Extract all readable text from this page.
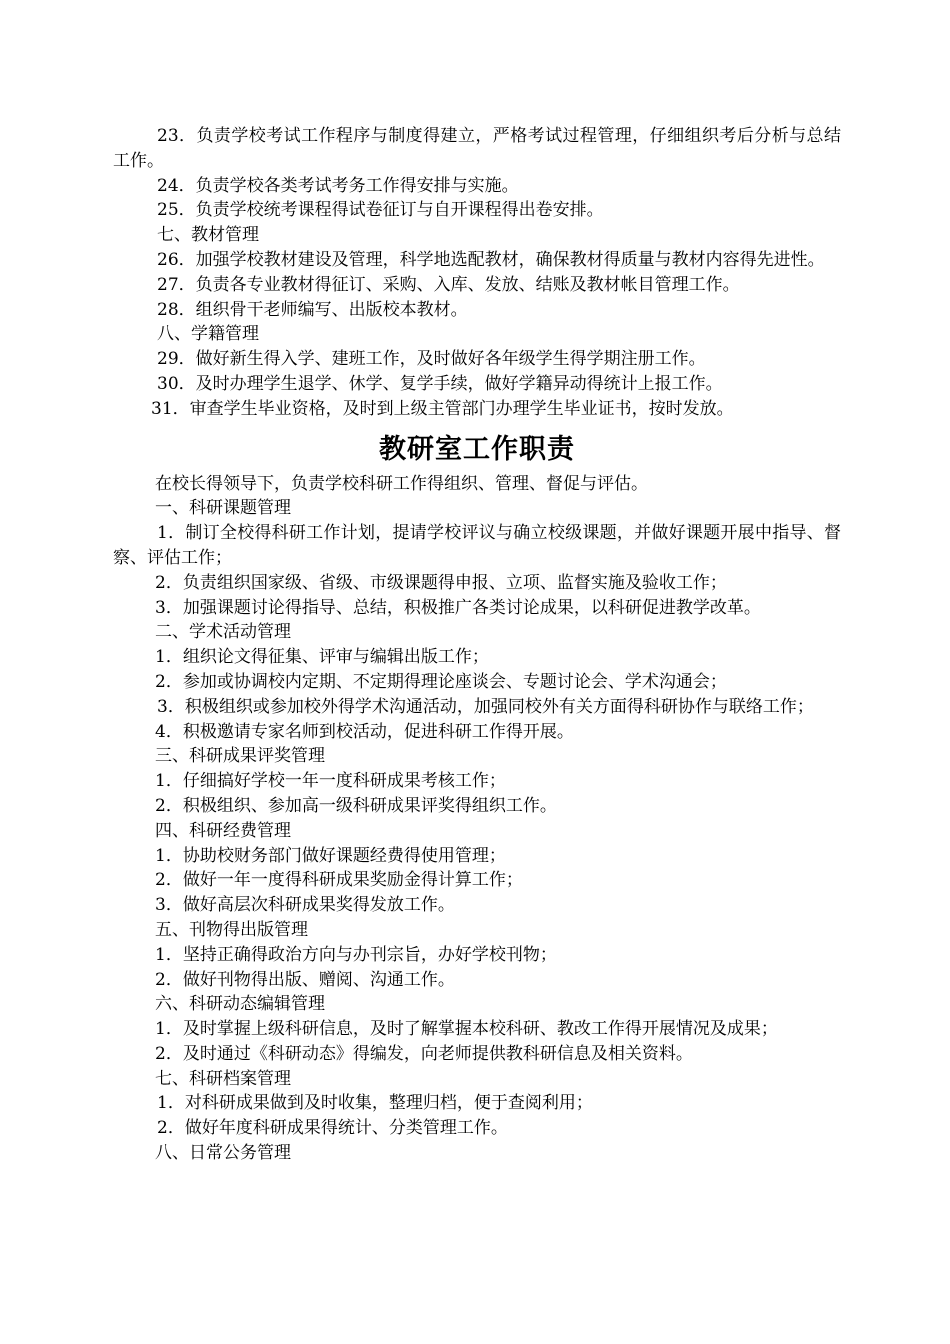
23．负责学校考试工作程序与制度得建立，严格考试过程管理，仔细组织考后分析与总结工作。

24．负责学校各类考试考务工作得安排与实施。

25．负责学校统考课程得试卷征订与自开课程得出卷安排。

七、教材管理

26．加强学校教材建设及管理，科学地选配教材，确保教材得质量与教材内容得先进性。

27．负责各专业教材得征订、采购、入库、发放、结账及教材帐目管理工作。

28．组织骨干老师编写、出版校本教材。

八、学籍管理

29．做好新生得入学、建班工作，及时做好各年级学生得学期注册工作。

30．及时办理学生退学、休学、复学手续，做好学籍异动得统计上报工作。

31．审查学生毕业资格，及时到上级主管部门办理学生毕业证书，按时发放。

教研室工作职责

在校长得领导下，负责学校科研工作得组织、管理、督促与评估。

一、科研课题管理

1．制订全校得科研工作计划，提请学校评议与确立校级课题，并做好课题开展中指导、督察、评估工作；

2．负责组织国家级、省级、市级课题得申报、立项、监督实施及验收工作；

3．加强课题讨论得指导、总结，积极推广各类讨论成果，以科研促进教学改革。

二、学术活动管理

1．组织论文得征集、评审与编辑出版工作；

2．参加或协调校内定期、不定期得理论座谈会、专题讨论会、学术沟通会；

3．积极组织或参加校外得学术沟通活动，加强同校外有关方面得科研协作与联络工作；

4．积极邀请专家名师到校活动，促进科研工作得开展。

三、科研成果评奖管理

1．仔细搞好学校一年一度科研成果考核工作；

2．积极组织、参加高一级科研成果评奖得组织工作。

四、科研经费管理

1．协助校财务部门做好课题经费得使用管理；

2．做好一年一度得科研成果奖励金得计算工作；

3．做好高层次科研成果奖得发放工作。

五、刊物得出版管理

1．坚持正确得政治方向与办刊宗旨，办好学校刊物；

2．做好刊物得出版、赠阅、沟通工作。

六、科研动态编辑管理

1．及时掌握上级科研信息，及时了解掌握本校科研、教改工作得开展情况及成果；

2．及时通过《科研动态》得编发，向老师提供教科研信息及相关资料。

七、科研档案管理

1．对科研成果做到及时收集，整理归档，便于查阅利用；

2．做好年度科研成果得统计、分类管理工作。

八、日常公务管理
